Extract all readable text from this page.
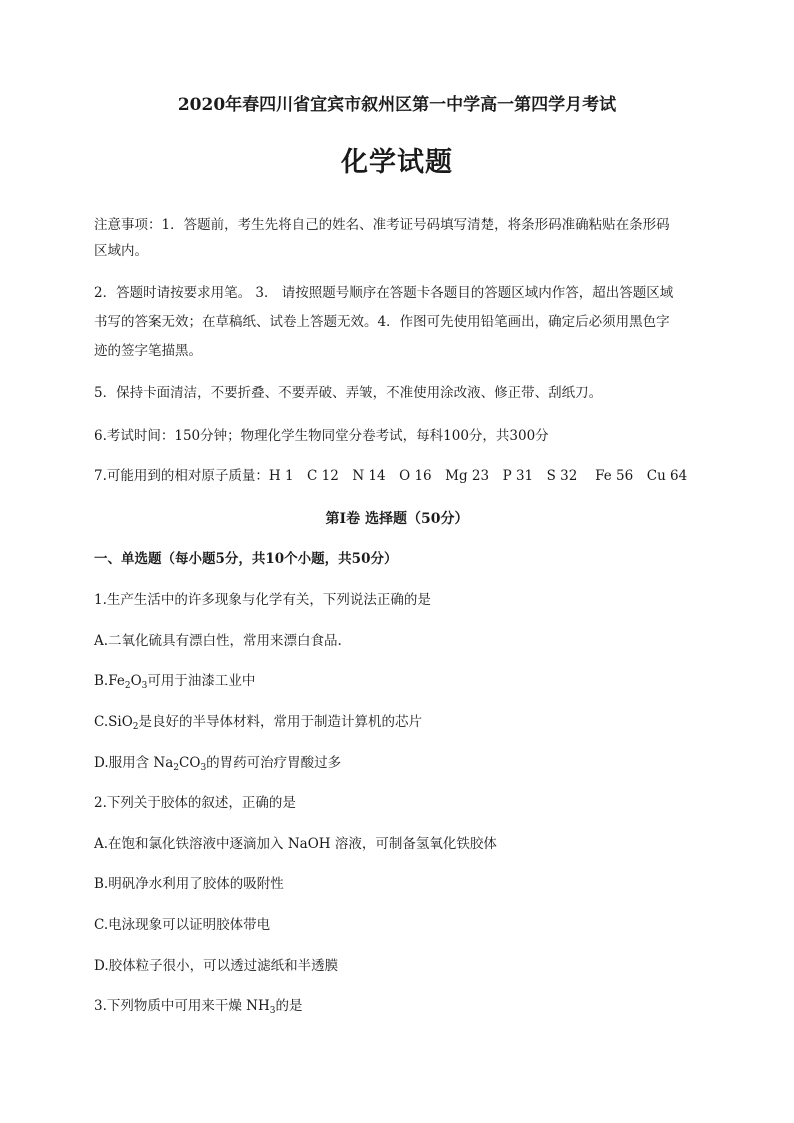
2020年春四川省宜宾市叙州区第一中学高一第四学月考试
化学试题
注意事项：1．答题前，考生先将自己的姓名、准考证号码填写清楚，将条形码准确粘贴在条形码
区域内。
2．答题时请按要求用笔。 3． 请按照题号顺序在答题卡各题目的答题区域内作答，超出答题区域
书写的答案无效；在草稿纸、试卷上答题无效。4．作图可先使用铅笔画出，确定后必须用黑色字
迹的签字笔描黑。
5．保持卡面清洁，不要折叠、不要弄破、弄皱，不准使用涂改液、修正带、刮纸刀。
6.考试时间：150分钟；物理化学生物同堂分卷考试，每科100分，共300分
7.可能用到的相对原子质量：H 1　C 12　N 14　O 16　Mg 23　P 31　S 32　 Fe 56　Cu 64
第Ⅰ卷 选择题（50分）
一、单选题（每小题5分，共10个小题，共50分）
1.生产生活中的许多现象与化学有关，下列说法正确的是
A.二氧化硫具有漂白性，常用来漂白食品.
$B.Fe_2O_3$可用于油漆工业中
C.SiO$_2$是良好的半导体材料，常用于制造计算机的芯片
D.服用含 $Na_2CO_3$的胃药可治疗胃酸过多
2.下列关于胶体的叙述，正确的是
A.在饱和氯化铁溶液中逐滴加入 NaOH 溶液，可制备氢氧化铁胶体
B.明矾净水利用了胶体的吸附性
C.电泳现象可以证明胶体带电
D.胶体粒子很小，可以透过滤纸和半透膜
3.下列物质中可用来干燥 $NH_3$的是
